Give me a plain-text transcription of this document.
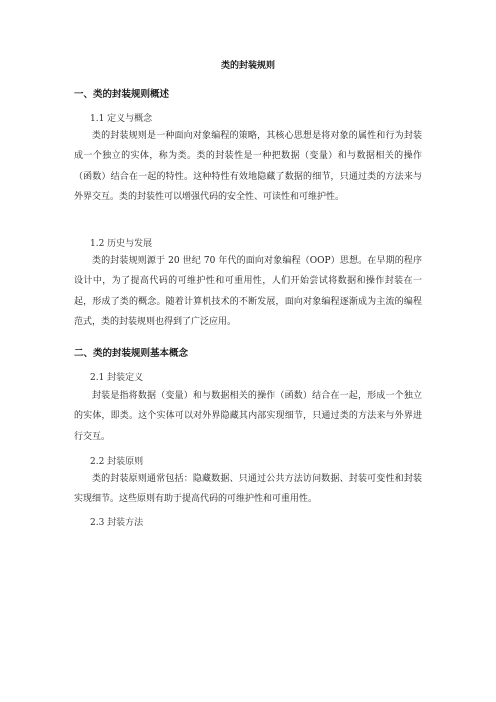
类的封装规则
一、类的封装规则概述
1.1 定义与概念
类的封装规则是一种面向对象编程的策略，其核心思想是将对象的属性和行为封装成一个独立的实体，称为类。类的封装性是一种把数据（变量）和与数据相关的操作（函数）结合在一起的特性。这种特性有效地隐藏了数据的细节，只通过类的方法来与外界交互。类的封装性可以增强代码的安全性、可读性和可维护性。
1.2 历史与发展
类的封装规则源于 20 世纪 70 年代的面向对象编程（OOP）思想。在早期的程序设计中，为了提高代码的可维护性和可重用性，人们开始尝试将数据和操作封装在一起，形成了类的概念。随着计算机技术的不断发展，面向对象编程逐渐成为主流的编程范式，类的封装规则也得到了广泛应用。
二、类的封装规则基本概念
2.1 封装定义
封装是指将数据（变量）和与数据相关的操作（函数）结合在一起，形成一个独立的实体，即类。这个实体可以对外界隐藏其内部实现细节，只通过类的方法来与外界进行交互。
2.2 封装原则
类的封装原则通常包括：隐藏数据、只通过公共方法访问数据、封装可变性和封装实现细节。这些原则有助于提高代码的可维护性和可重用性。
2.3 封装方法
